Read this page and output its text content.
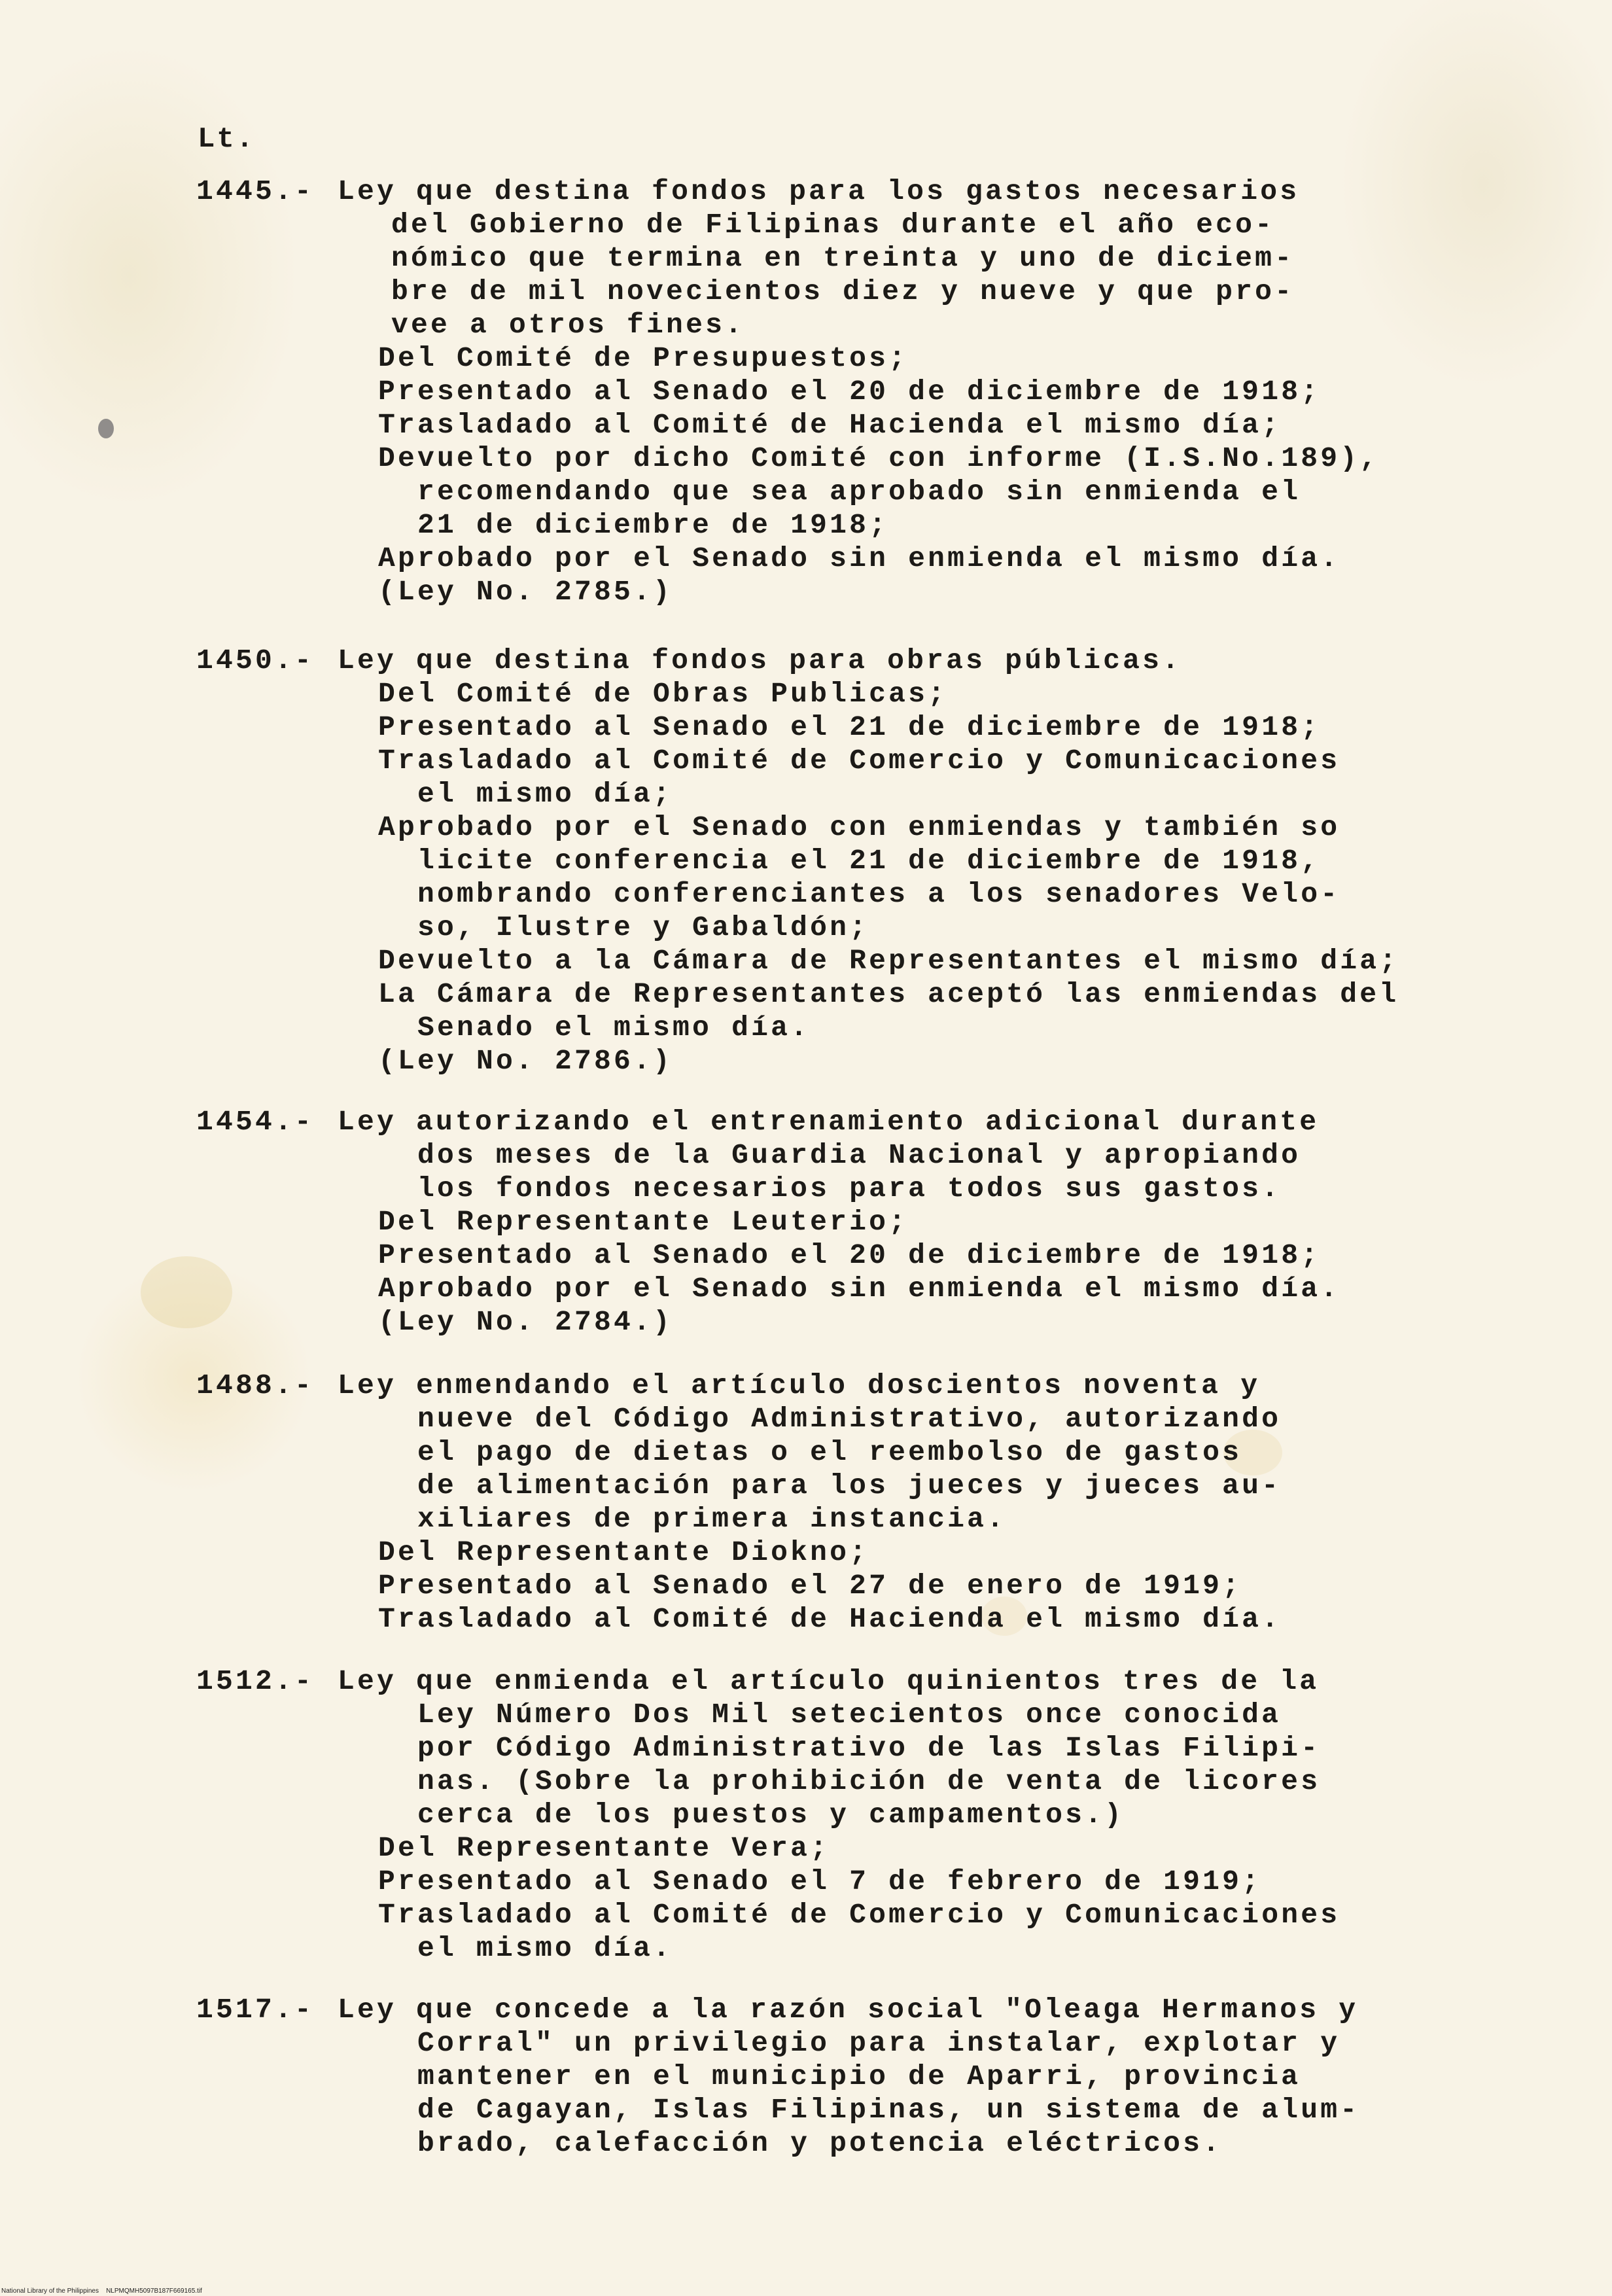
Lt.
1445.- Ley que destina fondos para los gastos necesarios
del Gobierno de Filipinas durante el año eco-
nómico que termina en treinta y uno de diciem-
bre de mil novecientos diez y nueve y que pro-
vee a otros fines.
Del Comité de Presupuestos;
Presentado al Senado el 20 de diciembre de 1918;
Trasladado al Comité de Hacienda el mismo día;
Devuelto por dicho Comité con informe (I.S.No.189),
recomendando que sea aprobado sin enmienda el
21 de diciembre de 1918;
Aprobado por el Senado sin enmienda el mismo día.
(Ley No. 2785.)
1450.- Ley que destina fondos para obras públicas.
Del Comité de Obras Publicas;
Presentado al Senado el 21 de diciembre de 1918;
Trasladado al Comité de Comercio y Comunicaciones
el mismo día;
Aprobado por el Senado con enmiendas y también so
licite conferencia el 21 de diciembre de 1918,
nombrando conferenciantes a los senadores Velo-
so, Ilustre y Gabaldón;
Devuelto a la Cámara de Representantes el mismo día;
La Cámara de Representantes aceptó las enmiendas del
Senado el mismo día.
(Ley No. 2786.)
1454.- Ley autorizando el entrenamiento adicional durante
dos meses de la Guardia Nacional y apropiando
los fondos necesarios para todos sus gastos.
Del Representante Leuterio;
Presentado al Senado el 20 de diciembre de 1918;
Aprobado por el Senado sin enmienda el mismo día.
(Ley No. 2784.)
1488.- Ley enmendando el artículo doscientos noventa y
nueve del Código Administrativo, autorizando
el pago de dietas o el reembolso de gastos
de alimentación para los jueces y jueces au-
xiliares de primera instancia.
Del Representante Diokno;
Presentado al Senado el 27 de enero de 1919;
Trasladado al Comité de Hacienda el mismo día.
1512.- Ley que enmienda el artículo quinientos tres de la
Ley Número Dos Mil setecientos once conocida
por Código Administrativo de las Islas Filipi-
nas. (Sobre la prohibición de venta de licores
cerca de los puestos y campamentos.)
Del Representante Vera;
Presentado al Senado el 7 de febrero de 1919;
Trasladado al Comité de Comercio y Comunicaciones
el mismo día.
1517.- Ley que concede a la razón social "Oleaga Hermanos y
Corral" un privilegio para instalar, explotar y
mantener en el municipio de Aparri, provincia
de Cagayan, Islas Filipinas, un sistema de alum-
brado, calefacción y potencia eléctricos.
National Library of the Philippines    NLPMQMH5097B187F669165.tif
